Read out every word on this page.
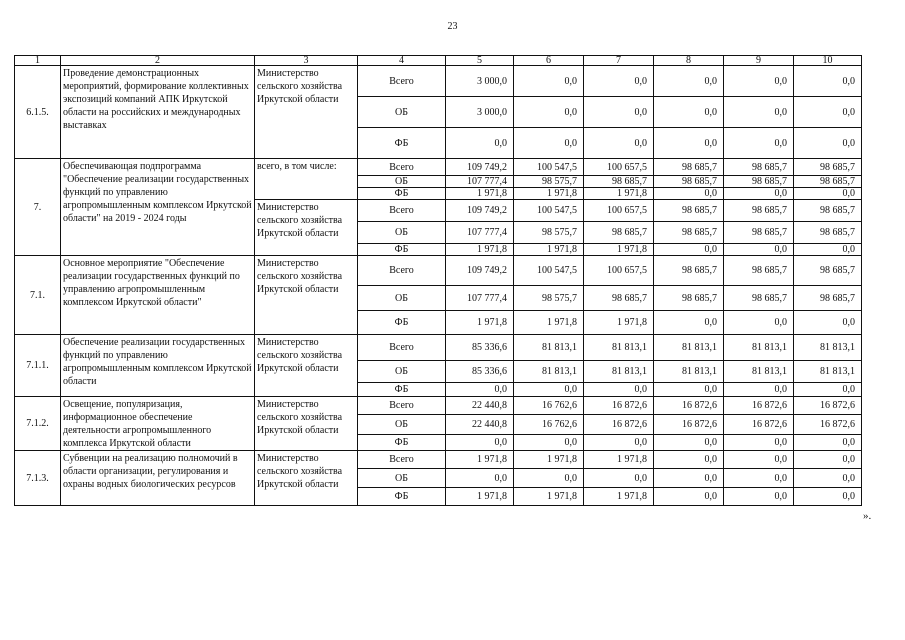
23
1	2	3	4	5	6	7	8	9	10
6.1.5.	Проведение демонстрационных мероприятий, формирование коллективных экспозиций компаний АПК Иркутской области на российских и международных выставках	Министерство сельского хозяйства Иркутской области	Всего	3 000,0	0,0	0,0	0,0	0,0	0,0
			ОБ	3 000,0	0,0	0,0	0,0	0,0	0,0
			ФБ	0,0	0,0	0,0	0,0	0,0	0,0
7.	Обеспечивающая подпрограмма "Обеспечение реализации государственных функций по управлению агропромышленным комплексом Иркутской области" на 2019 - 2024 годы	всего, в том числе:	Всего	109 749,2	100 547,5	100 657,5	98 685,7	98 685,7	98 685,7
			ОБ	107 777,4	98 575,7	98 685,7	98 685,7	98 685,7	98 685,7
			ФБ	1 971,8	1 971,8	1 971,8	0,0	0,0	0,0
		Министерство сельского хозяйства Иркутской области	Всего	109 749,2	100 547,5	100 657,5	98 685,7	98 685,7	98 685,7
			ОБ	107 777,4	98 575,7	98 685,7	98 685,7	98 685,7	98 685,7
			ФБ	1 971,8	1 971,8	1 971,8	0,0	0,0	0,0
7.1.	Основное мероприятие "Обеспечение реализации государственных функций по управлению агропромышленным комплексом Иркутской области"	Министерство сельского хозяйства Иркутской области	Всего	109 749,2	100 547,5	100 657,5	98 685,7	98 685,7	98 685,7
			ОБ	107 777,4	98 575,7	98 685,7	98 685,7	98 685,7	98 685,7
			ФБ	1 971,8	1 971,8	1 971,8	0,0	0,0	0,0
7.1.1.	Обеспечение реализации государственных функций по управлению агропромышленным комплексом Иркутской области	Министерство сельского хозяйства Иркутской области	Всего	85 336,6	81 813,1	81 813,1	81 813,1	81 813,1	81 813,1
			ОБ	85 336,6	81 813,1	81 813,1	81 813,1	81 813,1	81 813,1
			ФБ	0,0	0,0	0,0	0,0	0,0	0,0
7.1.2.	Освещение, популяризация, информационное обеспечение деятельности агропромышленного комплекса Иркутской области	Министерство сельского хозяйства Иркутской области	Всего	22 440,8	16 762,6	16 872,6	16 872,6	16 872,6	16 872,6
			ОБ	22 440,8	16 762,6	16 872,6	16 872,6	16 872,6	16 872,6
			ФБ	0,0	0,0	0,0	0,0	0,0	0,0
7.1.3.	Субвенции на реализацию полномочий в области организации, регулирования и охраны водных биологических ресурсов	Министерство сельского хозяйства Иркутской области	Всего	1 971,8	1 971,8	1 971,8	0,0	0,0	0,0
			ОБ	0,0	0,0	0,0	0,0	0,0	0,0
			ФБ	1 971,8	1 971,8	1 971,8	0,0	0,0	0,0
».
